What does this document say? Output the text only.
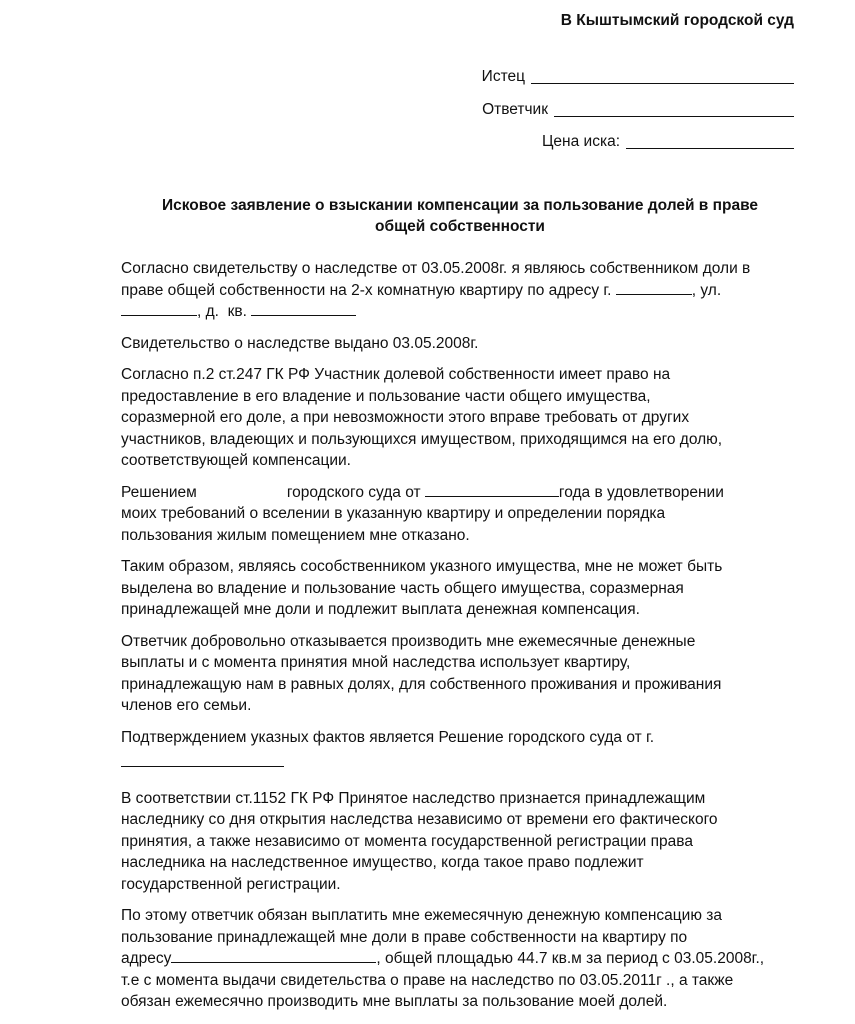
В Кыштымский городской суд
Истец
Ответчик
Цена иска:
Исковое заявление о взыскании компенсации за пользование долей в праве
общей собственности
Согласно свидетельству о наследстве от 03.05.2008г. я являюсь собственником доли в
праве общей собственности на 2-х комнатную квартиру по адресу г.	, ул.
, д. кв.
Свидетельство о наследстве выдано 03.05.2008г.
Согласно п.2 ст.247 ГК РФ Участник долевой собственности имеет право на
предоставление в его владение и пользование части общего имущества,
соразмерной его доле, а при невозможности этого вправе требовать от других
участников, владеющих и пользующихся имуществом, приходящимся на его долю,
соответствующей компенсации.
Решением	городского суда от	года в удовлетворении
моих требований о вселении в указанную квартиру и определении порядка
пользования жилым помещением мне отказано.
Таким образом, являясь сособственником указного имущества, мне не может быть
выделена во владение и пользование часть общего имущества, соразмерная
принадлежащей мне доли и подлежит выплата денежная компенсация.
Ответчик добровольно отказывается производить мне ежемесячные денежные
выплаты и с момента принятия мной наследства использует квартиру,
принадлежащую нам в равных долях, для собственного проживания и проживания
членов его семьи.
Подтверждением указных фактов является Решение городского суда от г.
В соответствии ст.1152 ГК РФ Принятое наследство признается принадлежащим
наследнику со дня открытия наследства независимо от времени его фактического
принятия, а также независимо от момента государственной регистрации права
наследника на наследственное имущество, когда такое право подлежит
государственной регистрации.
По этому ответчик обязан выплатить мне ежемесячную денежную компенсацию за
пользование принадлежащей мне доли в праве собственности на квартиру по
адресу	, общей площадью 44.7 кв.м за период с 03.05.2008г.,
т.е с момента выдачи свидетельства о праве на наследство по 03.05.2011г ., а также
обязан ежемесячно производить мне выплаты за пользование моей долей.
